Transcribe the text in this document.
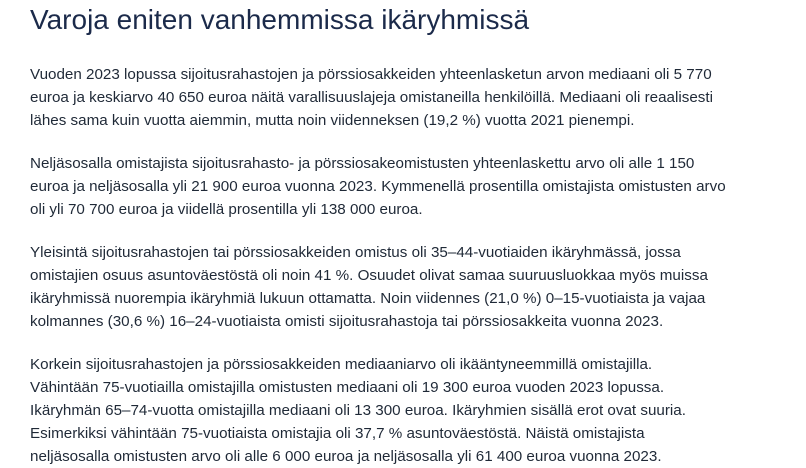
Varoja eniten vanhemmissa ikäryhmissä

Vuoden 2023 lopussa sijoitusrahastojen ja pörssiosakkeiden yhteenlasketun arvon mediaani oli 5 770
euroa ja keskiarvo 40 650 euroa näitä varallisuuslajeja omistaneilla henkilöillä. Mediaani oli reaalisesti
lähes sama kuin vuotta aiemmin, mutta noin viidenneksen (19,2 %) vuotta 2021 pienempi.

Neljäsosalla omistajista sijoitusrahasto- ja pörssiosakeomistusten yhteenlaskettu arvo oli alle 1 150
euroa ja neljäsosalla yli 21 900 euroa vuonna 2023. Kymmenellä prosentilla omistajista omistusten arvo
oli yli 70 700 euroa ja viidellä prosentilla yli 138 000 euroa.

Yleisintä sijoitusrahastojen tai pörssiosakkeiden omistus oli 35–44-vuotiaiden ikäryhmässä, jossa
omistajien osuus asuntoväestöstä oli noin 41 %. Osuudet olivat samaa suuruusluokkaa myös muissa
ikäryhmissä nuorempia ikäryhmiä lukuun ottamatta. Noin viidennes (21,0 %) 0–15-vuotiaista ja vajaa
kolmannes (30,6 %) 16–24-vuotiaista omisti sijoitusrahastoja tai pörssiosakkeita vuonna 2023.

Korkein sijoitusrahastojen ja pörssiosakkeiden mediaaniarvo oli ikääntyneemmillä omistajilla.
Vähintään 75-vuotiailla omistajilla omistusten mediaani oli 19 300 euroa vuoden 2023 lopussa.
Ikäryhmän 65–74-vuotta omistajilla mediaani oli 13 300 euroa. Ikäryhmien sisällä erot ovat suuria.
Esimerkiksi vähintään 75-vuotiaista omistajia oli 37,7 % asuntoväestöstä. Näistä omistajista
neljäsosalla omistusten arvo oli alle 6 000 euroa ja neljäsosalla yli 61 400 euroa vuonna 2023.
